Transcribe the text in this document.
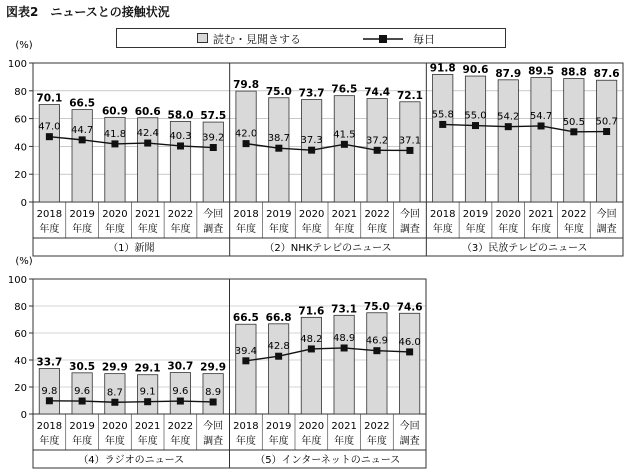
図表2　ニュースとの接触状況
読む・見聞きする	毎日
(%)
0
20
40
60
80
100
70.1
2018
年度
66.5
2019
年度
60.9
2020
年度
60.6
2021
年度
58.0
2022
年度
57.5
今回
調査
47.0 44.7 41.8 42.4 40.3 39.2
（1）新聞
79.8
2018
年度
75.0
2019
年度
73.7
2020
年度
76.5
2021
年度
74.4
2022
年度
72.1
今回
調査
42.0 38.7 37.3
41.5
37.2 37.1
（2）NHKテレビのニュース
91.8
2018
年度
90.6
2019
年度
87.9
2020
年度
89.5
2021
年度
88.8
2022
年度
87.6
今回
調査
55.8 55.0 54.2 54.7
50.5 50.7
（3）民放テレビのニュース
(%)
0
20
40
60
80
100
33.7
2018
年度
30.5
2019
年度
29.9
2020
年度
29.1
2021
年度
30.7
2022
年度
29.9
今回
調査
9.8 9.6 8.7 9.1 9.6 8.9
（4）ラジオのニュース
66.5
2018
年度
66.8
2019
年度
71.6
2020
年度
73.1
2021
年度
75.0
2022
年度
74.6
今回
調査
39.4 42.8
48.2 48.9 46.9 46.0
（5）インターネットのニュース
